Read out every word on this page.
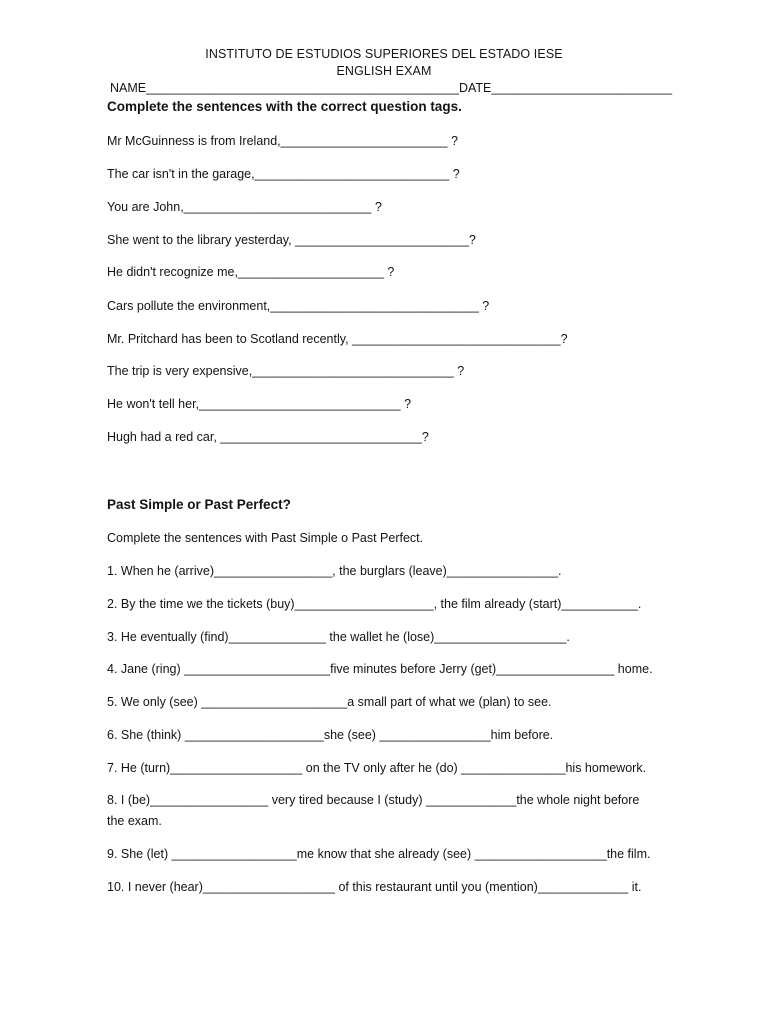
INSTITUTO DE ESTUDIOS SUPERIORES DEL ESTADO IESE
ENGLISH EXAM
NAME_____________________________________________DATE__________________________
Complete the sentences with the correct question tags.
Mr McGuinness is from Ireland,________________________ ?
The car isn't in the garage,____________________________ ?
You are John,___________________________ ?
She went to the library yesterday, _________________________?
He didn't recognize me,_____________________ ?
Cars pollute the environment,______________________________ ?
Mr. Pritchard has been to Scotland recently, ______________________________?
The trip is very expensive,_____________________________ ?
He won't tell her,_____________________________ ?
Hugh had a red car, _____________________________?
Past Simple or Past Perfect?
Complete the sentences with Past Simple o Past Perfect.
1. When he (arrive)_________________, the burglars (leave)________________.
2. By the time we the tickets (buy)____________________, the film already (start)___________.
3. He eventually (find)______________ the wallet he (lose)___________________.
4. Jane (ring) _____________________five minutes before Jerry (get)_________________ home.
5. We only (see) _____________________a small part of what we (plan) to see.
6. She (think) ____________________she (see) ________________him before.
7. He (turn)___________________ on the TV only after he (do) _______________his homework.
8. I (be)_________________ very tired because I (study) _____________the whole night before
the exam.
9. She (let) __________________me know that she already (see) ___________________the film.
10. I never (hear)___________________ of this restaurant until you (mention)_____________ it.
